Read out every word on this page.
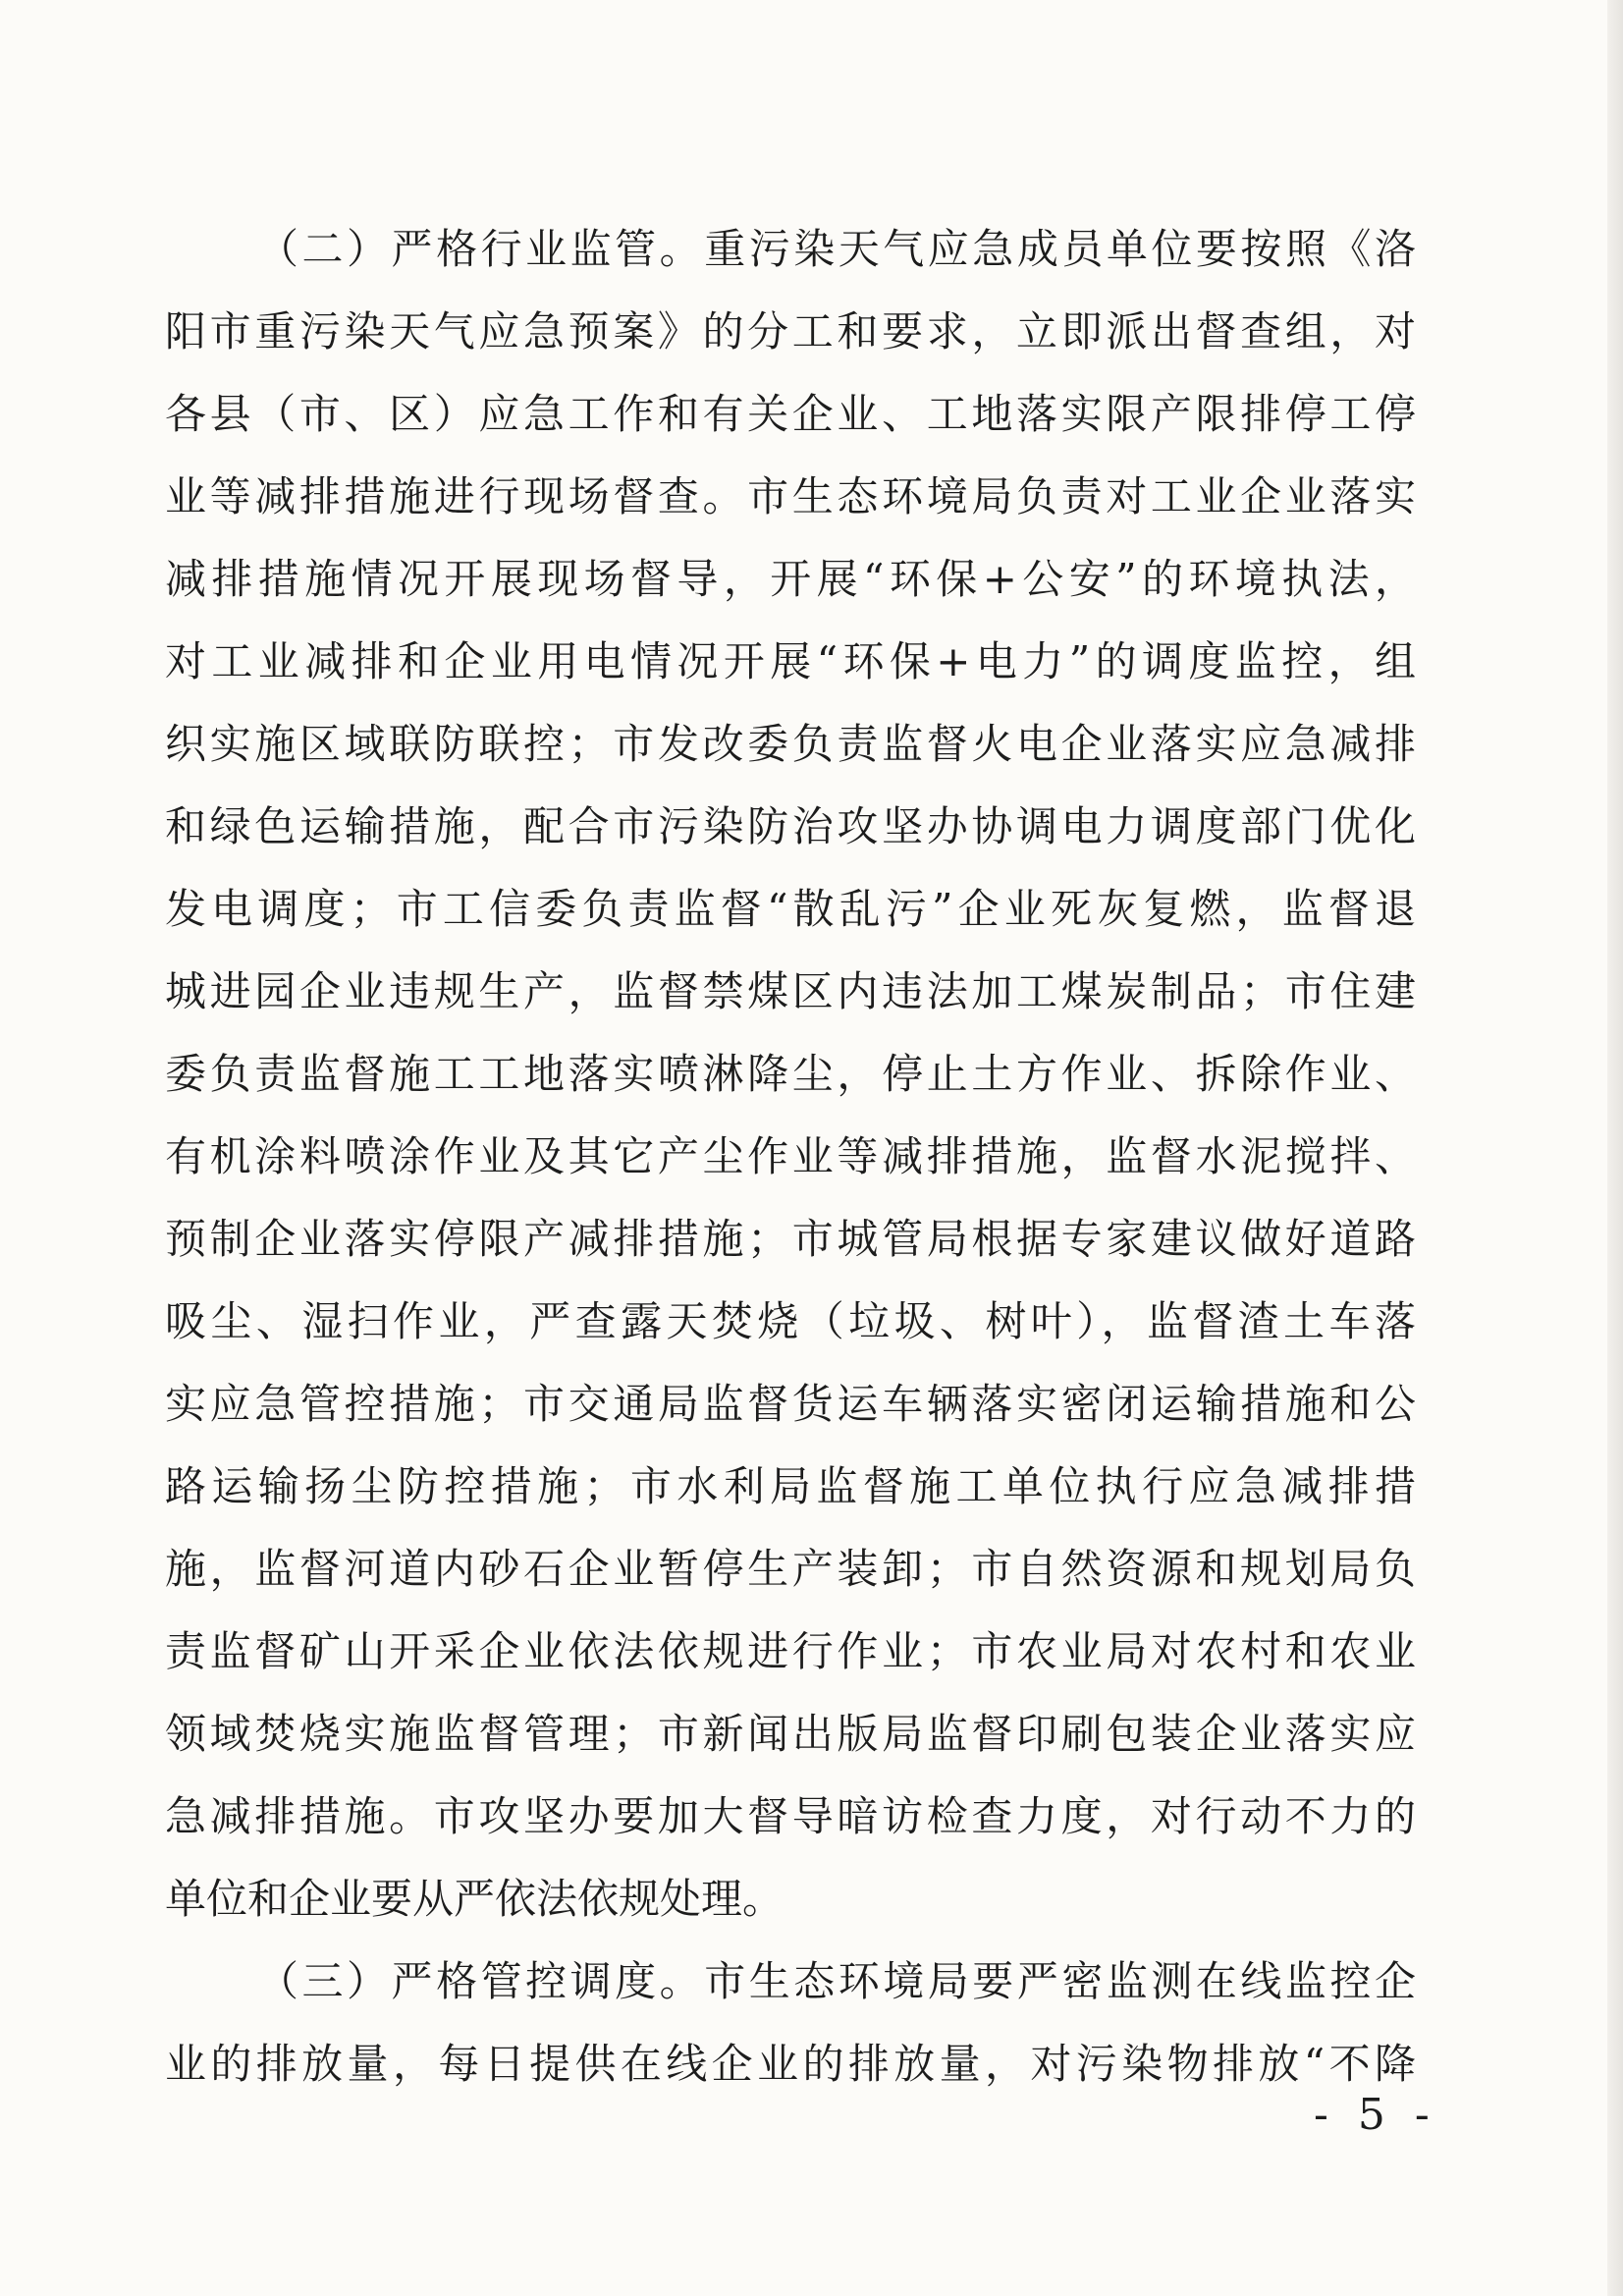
（二）严格行业监管。重污染天气应急成员单位要按照《洛
阳市重污染天气应急预案》的分工和要求，立即派出督查组，对
各县（市、区）应急工作和有关企业、工地落实限产限排停工停
业等减排措施进行现场督查。市生态环境局负责对工业企业落实
减排措施情况开展现场督导，开展“环保+公安”的环境执法，
对工业减排和企业用电情况开展“环保+电力”的调度监控，组
织实施区域联防联控；市发改委负责监督火电企业落实应急减排
和绿色运输措施，配合市污染防治攻坚办协调电力调度部门优化
发电调度；市工信委负责监督“散乱污”企业死灰复燃，监督退
城进园企业违规生产，监督禁煤区内违法加工煤炭制品；市住建
委负责监督施工工地落实喷淋降尘，停止土方作业、拆除作业、
有机涂料喷涂作业及其它产尘作业等减排措施，监督水泥搅拌、
预制企业落实停限产减排措施；市城管局根据专家建议做好道路
吸尘、湿扫作业，严查露天焚烧（垃圾、树叶），监督渣土车落
实应急管控措施；市交通局监督货运车辆落实密闭运输措施和公
路运输扬尘防控措施；市水利局监督施工单位执行应急减排措
施，监督河道内砂石企业暂停生产装卸；市自然资源和规划局负
责监督矿山开采企业依法依规进行作业；市农业局对农村和农业
领域焚烧实施监督管理；市新闻出版局监督印刷包装企业落实应
急减排措施。市攻坚办要加大督导暗访检查力度，对行动不力的
单位和企业要从严依法依规处理。
（三）严格管控调度。市生态环境局要严密监测在线监控企
业的排放量，每日提供在线企业的排放量，对污染物排放“不降
- 5 -
